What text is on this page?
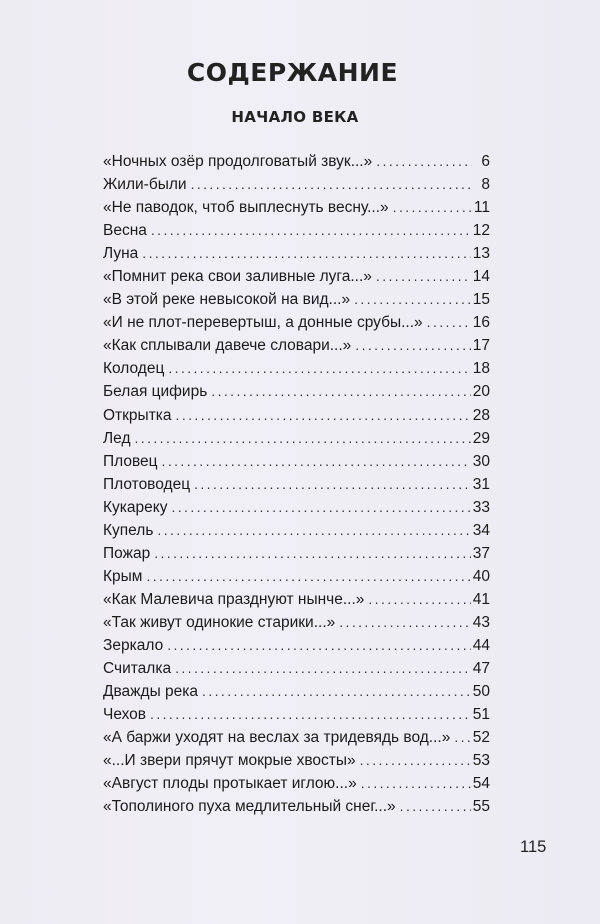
СОДЕРЖАНИЕ
НАЧАЛО ВЕКА
«Ночных озёр продолговатый звук...» .....	6
Жили-были .....	8
«Не паводок, чтоб выплеснуть весну...» .....	11
Весна .....	12
Луна .....	13
«Помнит река свои заливные луга...» .....	14
«В этой реке невысокой на вид...» .....	15
«И не плот-перевертыш, а донные срубы...» .....	16
«Как сплывали давече словари...» .....	17
Колодец .....	18
Белая цифирь .....	20
Открытка .....	28
Лед .....	29
Пловец .....	30
Плотоводец .....	31
Кукареку .....	33
Купель .....	34
Пожар .....	37
Крым .....	40
«Как Малевича празднуют нынче...» .....	41
«Так живут одинокие старики...» .....	43
Зеркало .....	44
Считалка .....	47
Дважды река .....	50
Чехов .....	51
«А баржи уходят на веслах за тридевядь вод...» ..... 52
«...И звери прячут мокрые хвосты» .....	53
«Август плоды протыкает иглою...» .....	54
«Тополиного пуха медлительный снег...» .....	55
115
